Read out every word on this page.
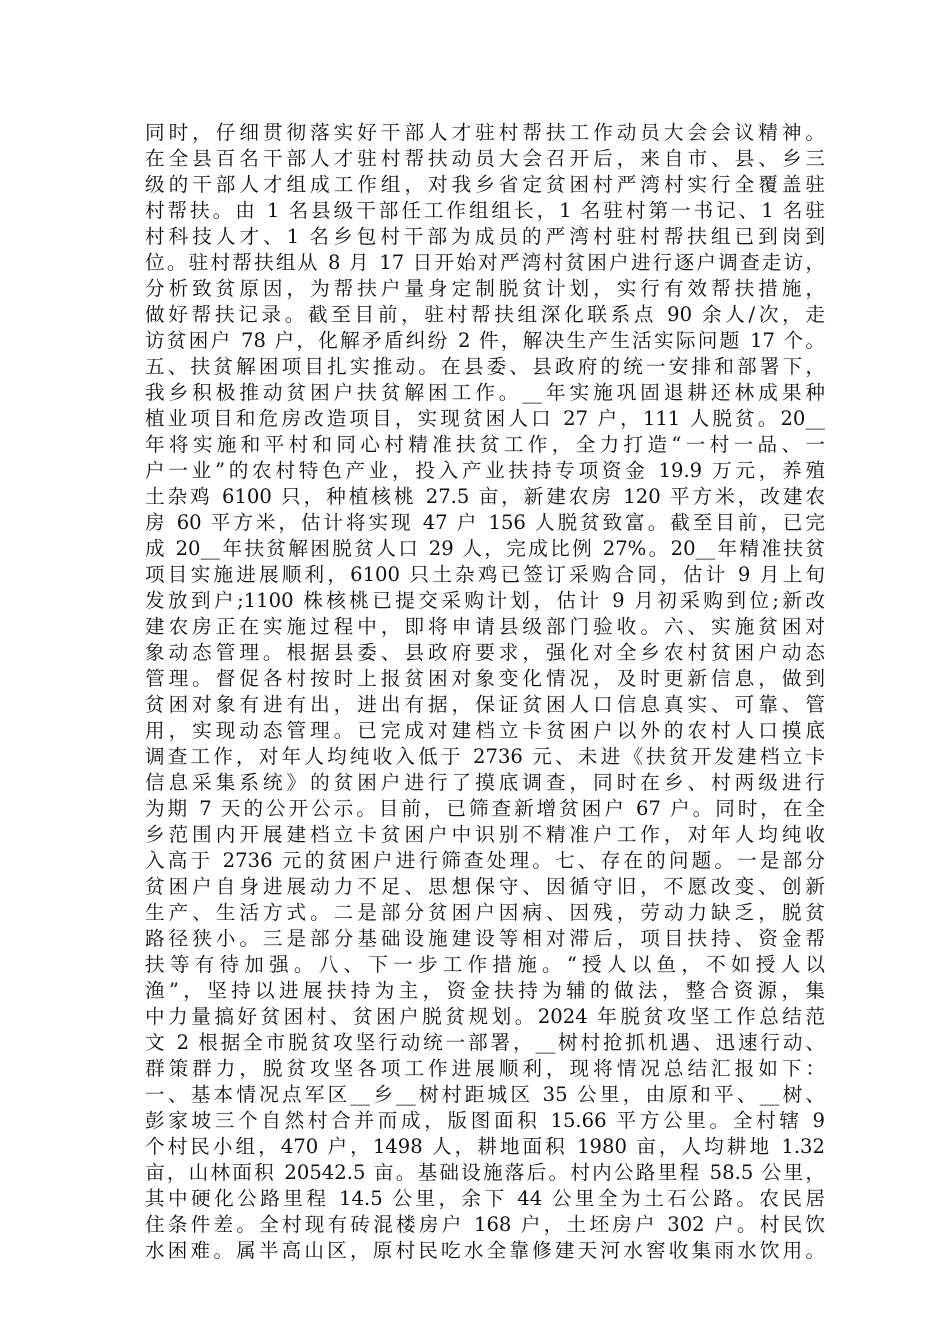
同时，仔细贯彻落实好干部人才驻村帮扶工作动员大会会议精神。
在全县百名干部人才驻村帮扶动员大会召开后，来自市、县、乡三
级的干部人才组成工作组，对我乡省定贫困村严湾村实行全覆盖驻
村帮扶。由 1 名县级干部任工作组组长，1 名驻村第一书记、1 名驻
村科技人才、1 名乡包村干部为成员的严湾村驻村帮扶组已到岗到
位。驻村帮扶组从 8 月 17 日开始对严湾村贫困户进行逐户调查走访，
分析致贫原因，为帮扶户量身定制脱贫计划，实行有效帮扶措施，
做好帮扶记录。截至目前，驻村帮扶组深化联系点 90 余人/次，走
访贫困户 78 户，化解矛盾纠纷 2 件，解决生产生活实际问题 17 个。
五、扶贫解困项目扎实推动。在县委、县政府的统一安排和部署下，
我乡积极推动贫困户扶贫解困工作。__年实施巩固退耕还林成果种
植业项目和危房改造项目，实现贫困人口 27 户，111 人脱贫。20__
年将实施和平村和同心村精准扶贫工作，全力打造“一村一品、一
户一业”的农村特色产业，投入产业扶持专项资金 19.9 万元，养殖
土杂鸡 6100 只，种植核桃 27.5 亩，新建农房 120 平方米，改建农
房 60 平方米，估计将实现 47 户 156 人脱贫致富。截至目前，已完
成 20__年扶贫解困脱贫人口 29 人，完成比例 27%。20__年精准扶贫
项目实施进展顺利，6100 只土杂鸡已签订采购合同，估计 9 月上旬
发放到户;1100 株核桃已提交采购计划，估计 9 月初采购到位;新改
建农房正在实施过程中，即将申请县级部门验收。六、实施贫困对
象动态管理。根据县委、县政府要求，强化对全乡农村贫困户动态
管理。督促各村按时上报贫困对象变化情况，及时更新信息，做到
贫困对象有进有出，进出有据，保证贫困人口信息真实、可靠、管
用，实现动态管理。已完成对建档立卡贫困户以外的农村人口摸底
调查工作，对年人均纯收入低于 2736 元、未进《扶贫开发建档立卡
信息采集系统》的贫困户进行了摸底调查，同时在乡、村两级进行
为期 7 天的公开公示。目前，已筛查新增贫困户 67 户。同时，在全
乡范围内开展建档立卡贫困户中识别不精准户工作，对年人均纯收
入高于 2736 元的贫困户进行筛查处理。七、存在的问题。一是部分
贫困户自身进展动力不足、思想保守、因循守旧，不愿改变、创新
生产、生活方式。二是部分贫困户因病、因残，劳动力缺乏，脱贫
路径狭小。三是部分基础设施建设等相对滞后，项目扶持、资金帮
扶等有待加强。八、下一步工作措施。“授人以鱼，不如授人以
渔”，坚持以进展扶持为主，资金扶持为辅的做法，整合资源，集
中力量搞好贫困村、贫困户脱贫规划。2024 年脱贫攻坚工作总结范
文 2 根据全市脱贫攻坚行动统一部署，__树村抢抓机遇、迅速行动、
群策群力，脱贫攻坚各项工作进展顺利，现将情况总结汇报如下：
一、基本情况点军区__乡__树村距城区 35 公里，由原和平、__树、
彭家坡三个自然村合并而成，版图面积 15.66 平方公里。全村辖 9
个村民小组，470 户，1498 人，耕地面积 1980 亩，人均耕地 1.32
亩，山林面积 20542.5 亩。基础设施落后。村内公路里程 58.5 公里，
其中硬化公路里程 14.5 公里，余下 44 公里全为土石公路。农民居
住条件差。全村现有砖混楼房户 168 户，土坯房户 302 户。村民饮
水困难。属半高山区，原村民吃水全靠修建天河水窖收集雨水饮用。
